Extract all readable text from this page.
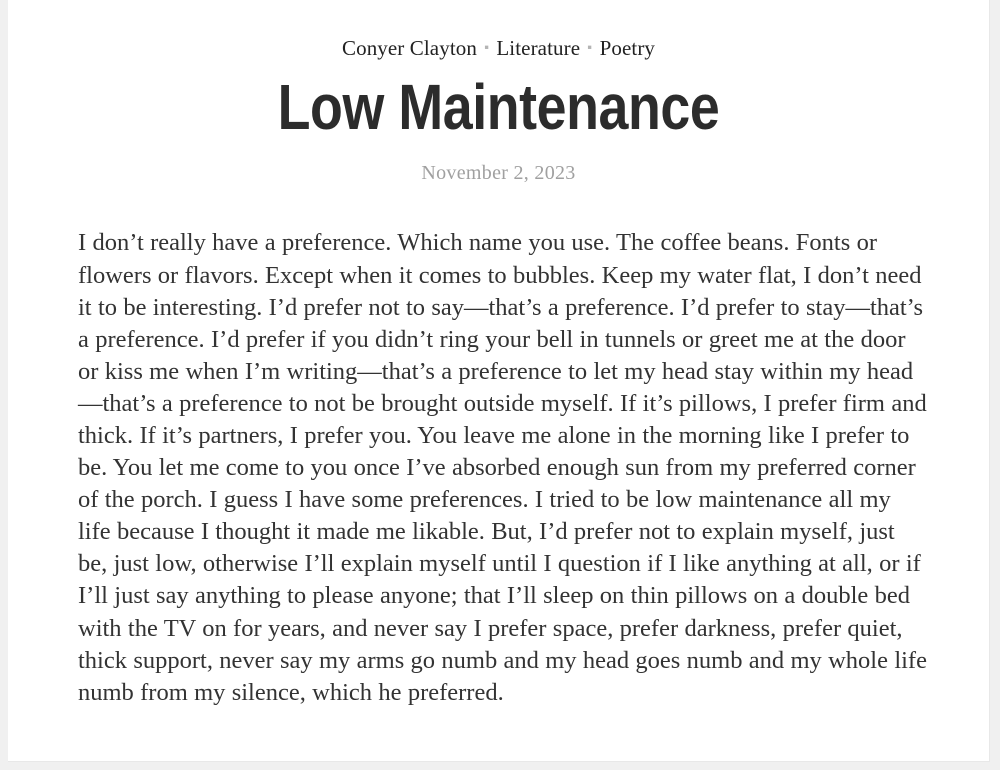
Conyer Clayton ▪ Literature ▪ Poetry
Low Maintenance
November 2, 2023

I don’t really have a preference. Which name you use. The coffee beans. Fonts or flowers or flavors. Except when it comes to bubbles. Keep my water flat, I don’t need it to be interesting. I’d prefer not to say—that’s a preference. I’d prefer to stay—that’s a preference. I’d prefer if you didn’t ring your bell in tunnels or greet me at the door or kiss me when I’m writing—that’s a preference to let my head stay within my head—that’s a preference to not be brought outside myself. If it’s pillows, I prefer firm and thick. If it’s partners, I prefer you. You leave me alone in the morning like I prefer to be. You let me come to you once I’ve absorbed enough sun from my preferred corner of the porch. I guess I have some preferences. I tried to be low maintenance all my life because I thought it made me likable. But, I’d prefer not to explain myself, just be, just low, otherwise I’ll explain myself until I question if I like anything at all, or if I’ll just say anything to please anyone; that I’ll sleep on thin pillows on a double bed with the TV on for years, and never say I prefer space, prefer darkness, prefer quiet, thick support, never say my arms go numb and my head goes numb and my whole life numb from my silence, which he preferred.
